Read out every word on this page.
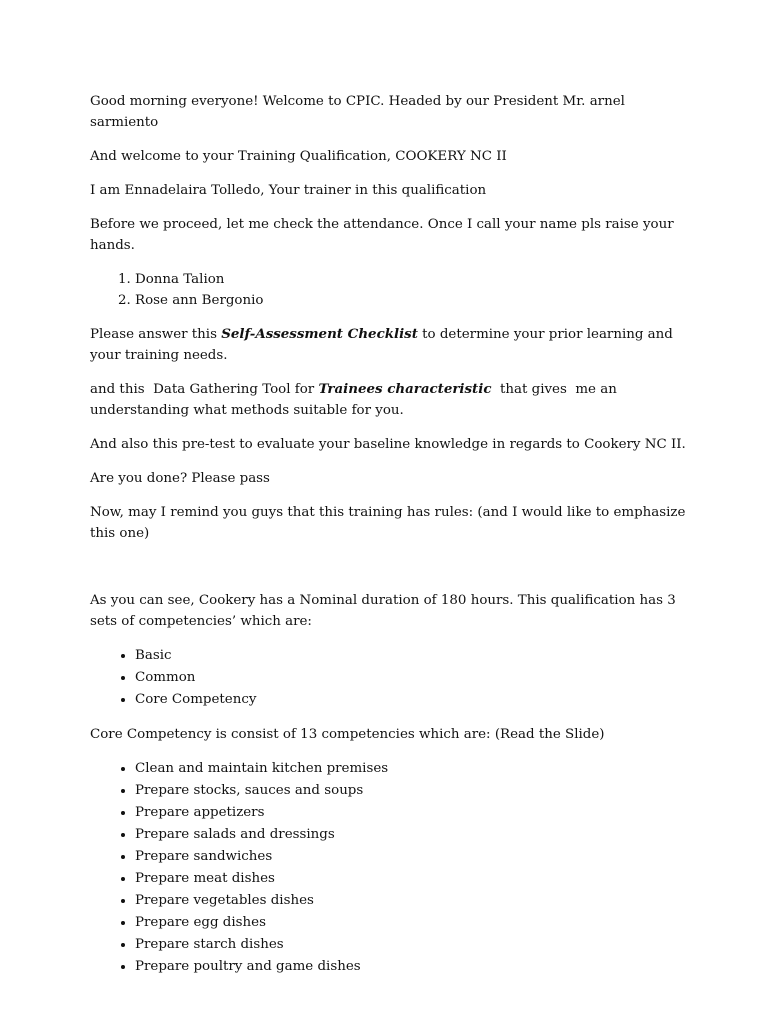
Good morning everyone! Welcome to CPIC. Headed by our President Mr. arnel sarmiento

And welcome to your Training Qualification, COOKERY NC II

I am Ennadelaira Tolledo, Your trainer in this qualification

Before we proceed, let me check the attendance. Once I call your name pls raise your hands.

1. Donna Talion
2. Rose ann Bergonio

Please answer this Self-Assessment Checklist to determine your prior learning and your training needs.

and this  Data Gathering Tool for Trainees characteristic  that gives  me an understanding what methods suitable for you.

And also this pre-test to evaluate your baseline knowledge in regards to Cookery NC II.

Are you done? Please pass

Now, may I remind you guys that this training has rules: (and I would like to emphasize this one)

As you can see, Cookery has a Nominal duration of 180 hours. This qualification has 3 sets of competencies’ which are:

• Basic
• Common
• Core Competency

Core Competency is consist of 13 competencies which are: (Read the Slide)

• Clean and maintain kitchen premises
• Prepare stocks, sauces and soups
• Prepare appetizers
• Prepare salads and dressings
• Prepare sandwiches
• Prepare meat dishes
• Prepare vegetables dishes
• Prepare egg dishes
• Prepare starch dishes
• Prepare poultry and game dishes
